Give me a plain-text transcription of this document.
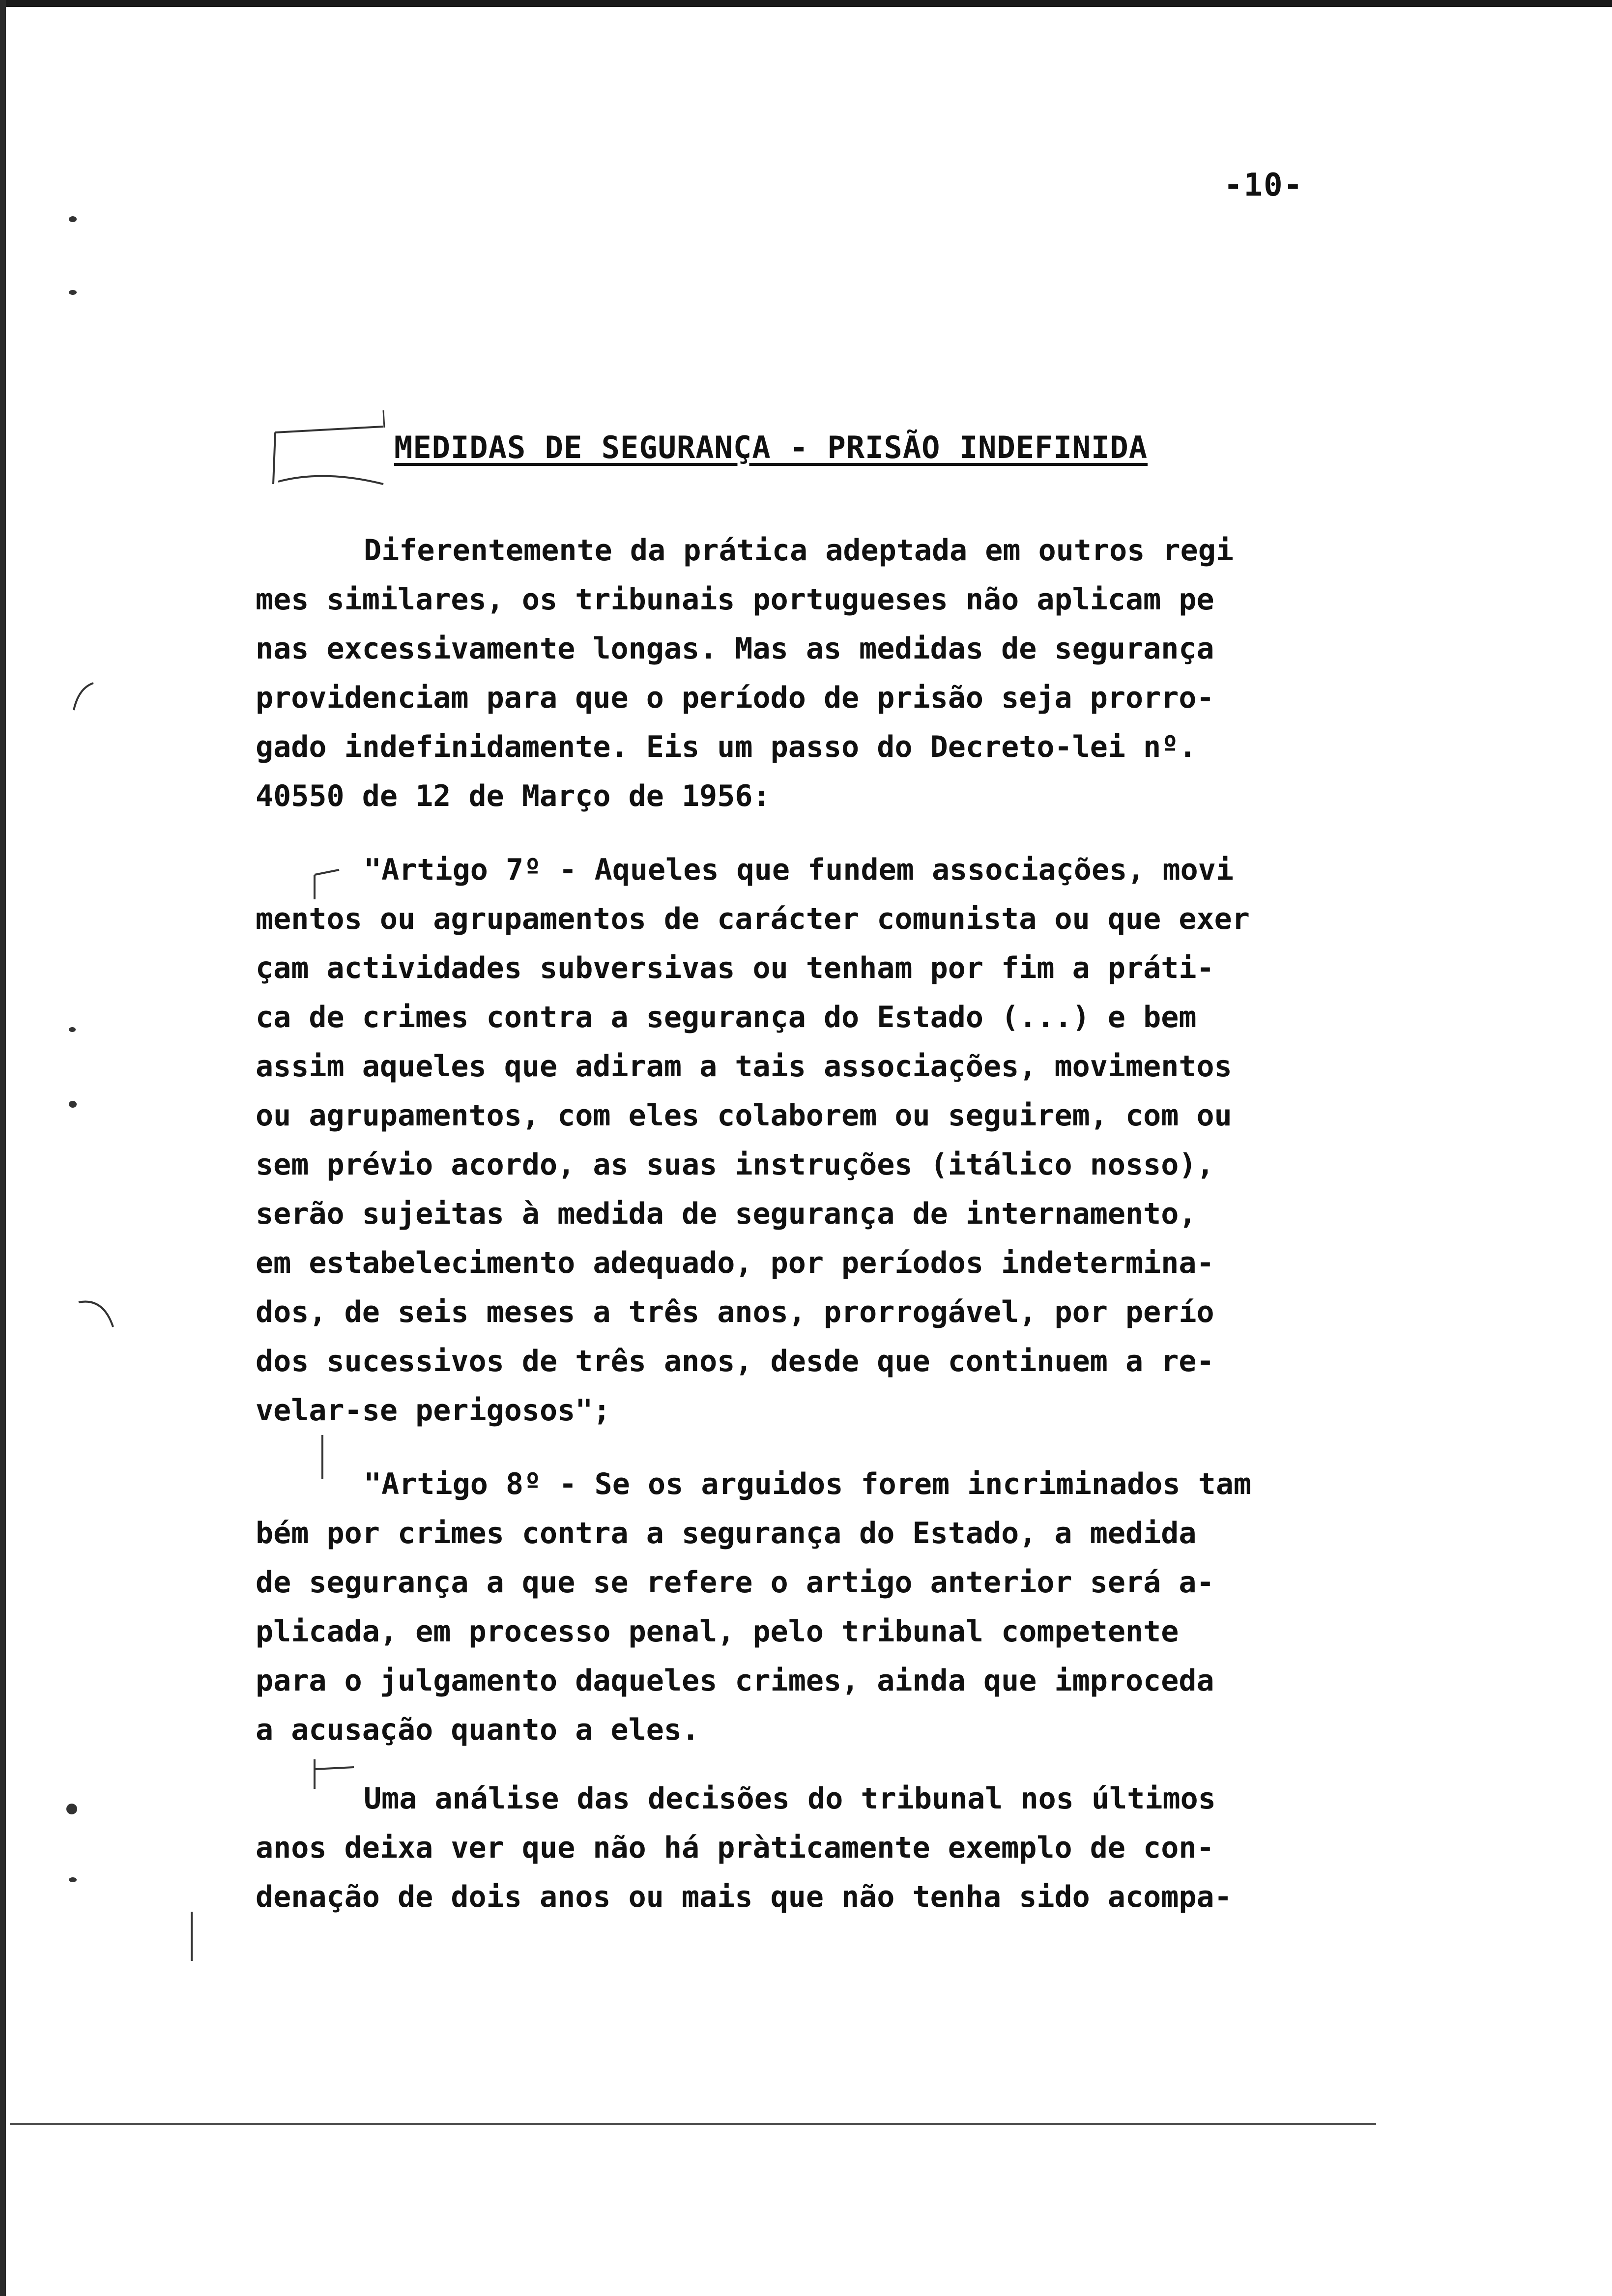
-10-
MEDIDAS DE SEGURANÇA - PRISÃO INDEFINIDA

Diferentemente da prática adeptada em outros regi
mes similares, os tribunais portugueses não aplicam pe
nas excessivamente longas. Mas as medidas de segurança
providenciam para que o período de prisão seja prorro-
gado indefinidamente. Eis um passo do Decreto-lei nº.
40550 de 12 de Março de 1956:

"Artigo 7º - Aqueles que fundem associações, movi
mentos ou agrupamentos de carácter comunista ou que exer
çam actividades subversivas ou tenham por fim a práti-
ca de crimes contra a segurança do Estado (...) e bem
assim aqueles que adiram a tais associações, movimentos
ou agrupamentos, com eles colaborem ou seguirem, com ou
sem prévio acordo, as suas instruções (itálico nosso),
serão sujeitas à medida de segurança de internamento,
em estabelecimento adequado, por períodos indetermina-
dos, de seis meses a três anos, prorrogável, por perío
dos sucessivos de três anos, desde que continuem a re-
velar-se perigosos";

"Artigo 8º - Se os arguidos forem incriminados tam
bém por crimes contra a segurança do Estado, a medida
de segurança a que se refere o artigo anterior será a-
plicada, em processo penal, pelo tribunal competente
para o julgamento daqueles crimes, ainda que improceda
a acusação quanto a eles.

Uma análise das decisões do tribunal nos últimos
anos deixa ver que não há pràticamente exemplo de con-
denação de dois anos ou mais que não tenha sido acompa-
